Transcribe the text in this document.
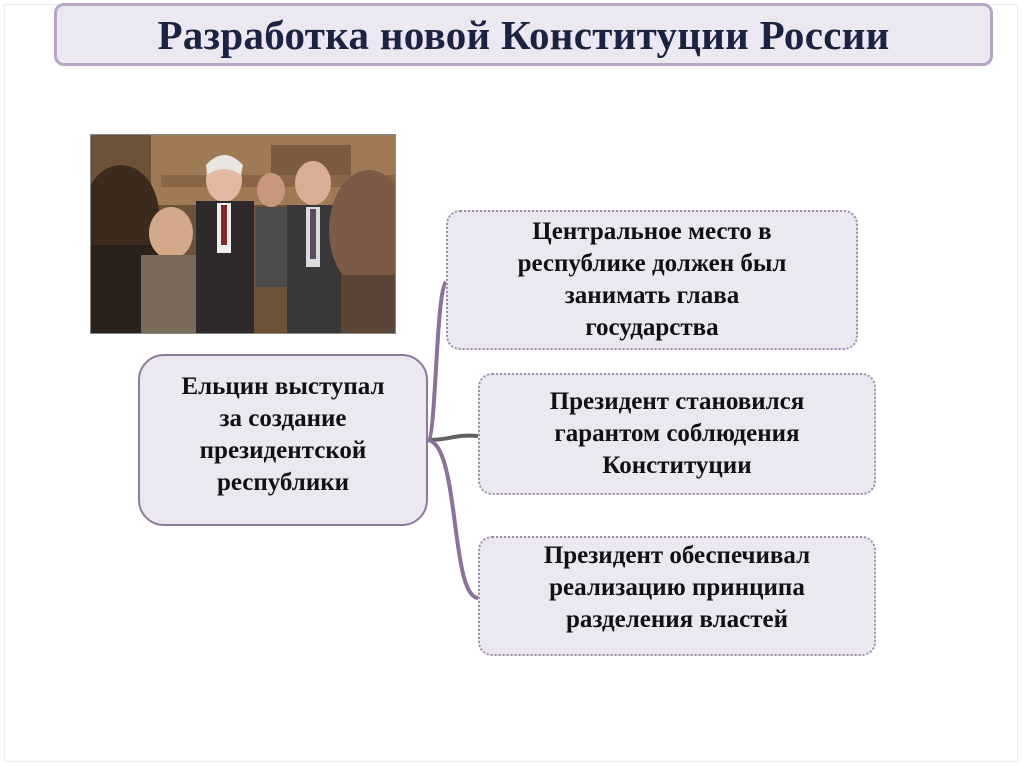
Разработка новой Конституции России
Ельцин выступал
за создание
президентской
республики
Центральное место в
республике должен был
занимать глава
государства
Президент становился
гарантом соблюдения
Конституции
Президент обеспечивал
реализацию принципа
разделения властей
